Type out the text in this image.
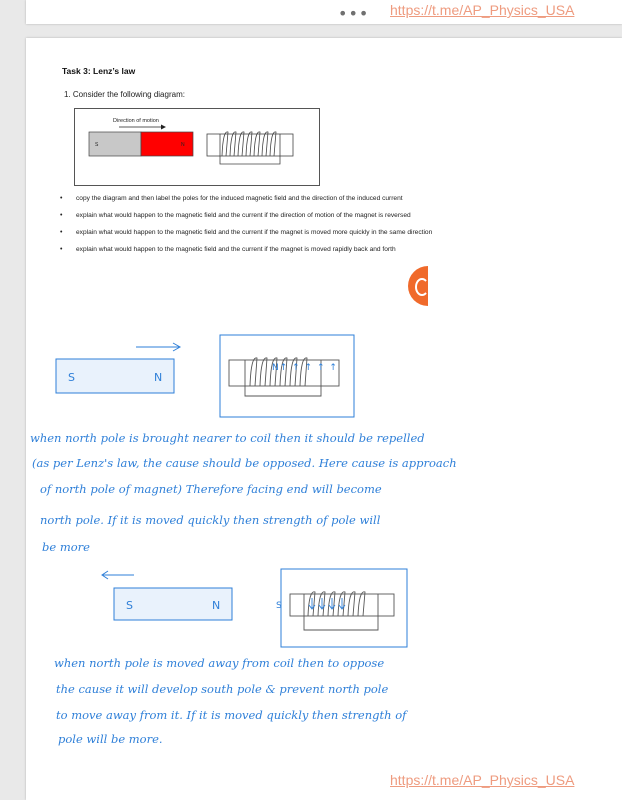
••• https://t.me/AP_Physics_USA
Task 3: Lenz’s law
1. Consider the following diagram:
Direction of motion
S	N
• copy the diagram and then label the poles for the induced magnetic field and the direction of the induced current
• explain what would happen to the magnetic field and the current if the direction of motion of the magnet is reversed
• explain what would happen to the magnetic field and the current if the magnet is moved more quickly in the same direction
• explain what would happen to the magnetic field and the current if the magnet is moved rapidly back and forth
S	N
N↑ ↑ ↑ ↑ ↑
S	N	S
when north pole is brought nearer to coil then it should be repelled
(as per Lenz's law, the cause should be opposed. Here cause is approach
of north pole of magnet) Therefore facing end will become
north pole. If it is moved quickly then strength of pole will
be more
when north pole is moved away from coil then to oppose
the cause it will develop south pole & prevent north pole
to move away from it. If it is moved quickly then strength of
pole will be more.
https://t.me/AP_Physics_USA
